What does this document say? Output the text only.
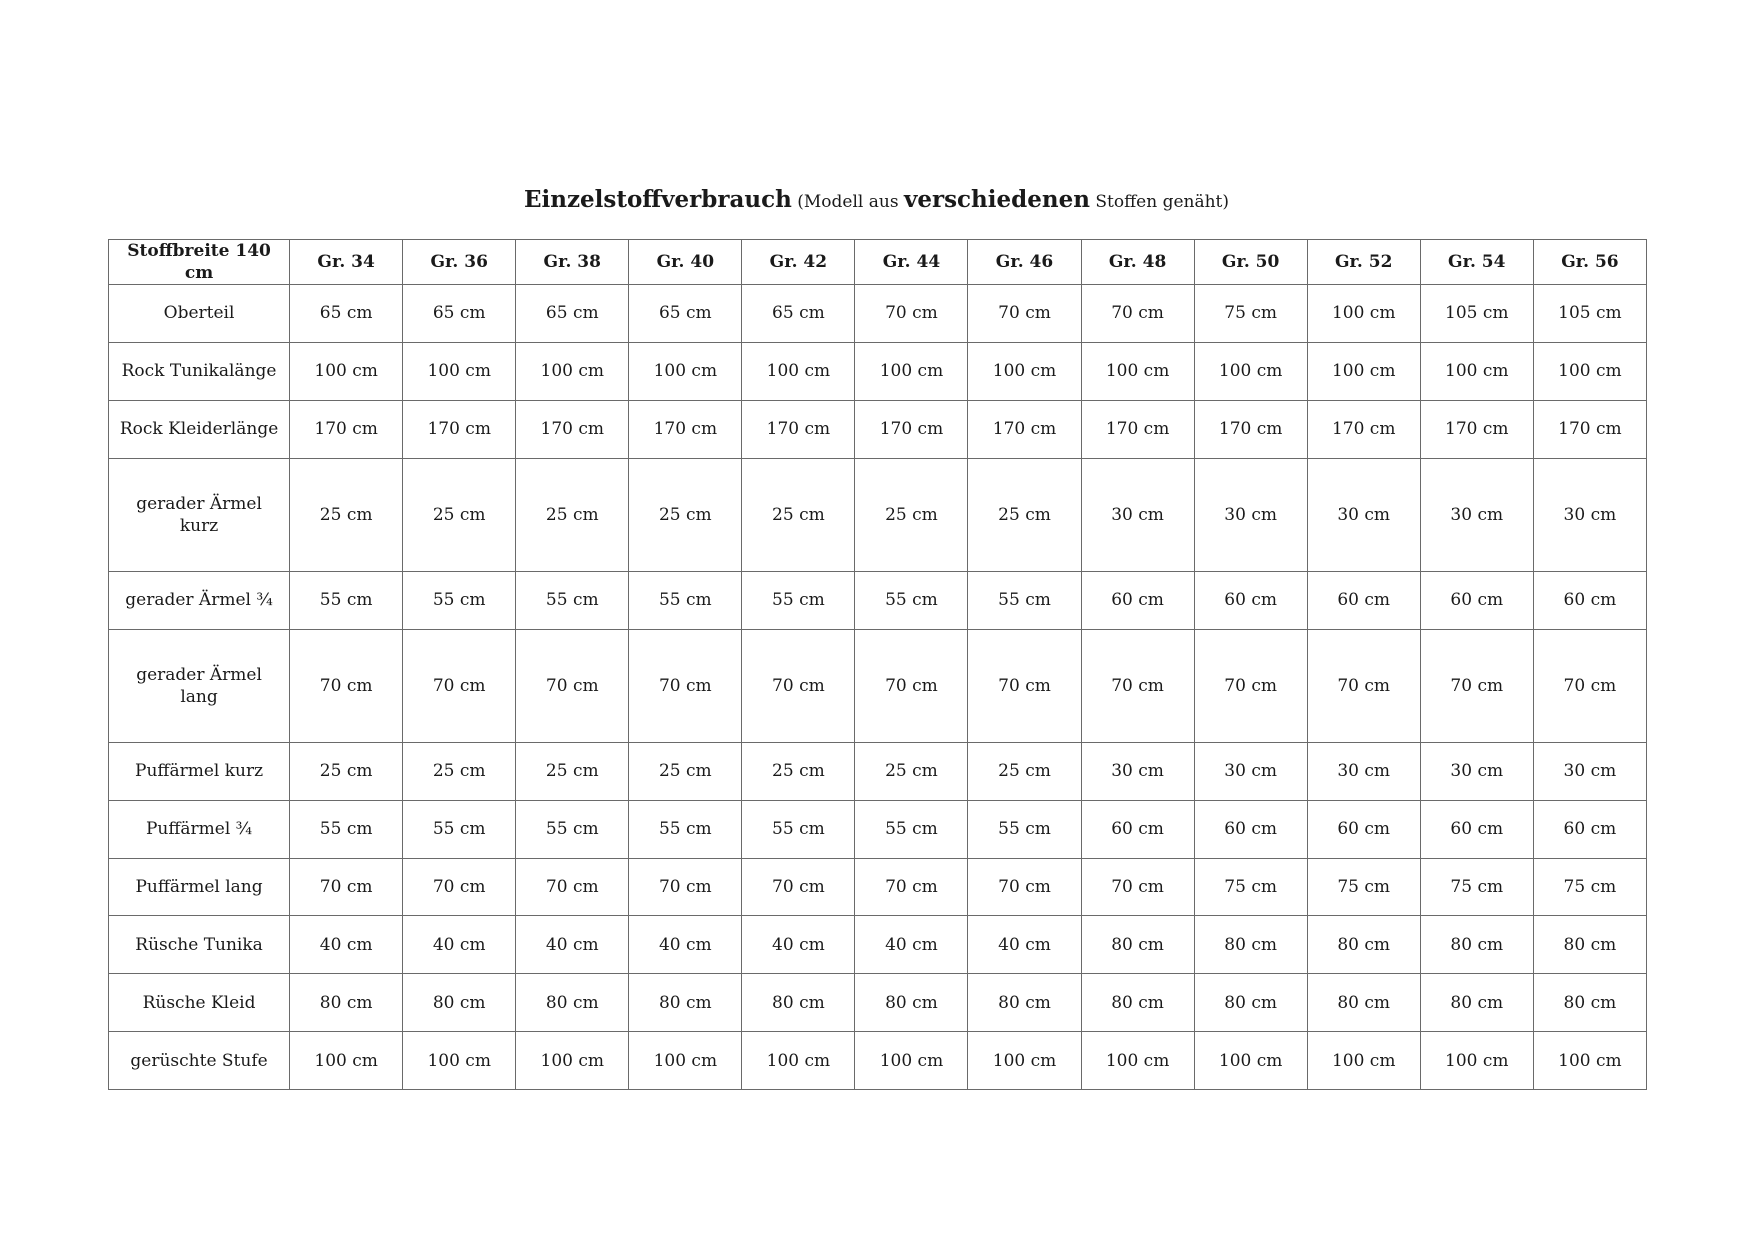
Einzelstoffverbrauch (Modell aus verschiedenen Stoffen genäht)
Stoffbreite 140 cm	Gr. 34	Gr. 36	Gr. 38	Gr. 40	Gr. 42	Gr. 44	Gr. 46	Gr. 48	Gr. 50	Gr. 52	Gr. 54	Gr. 56
Oberteil	65 cm	65 cm	65 cm	65 cm	65 cm	70 cm	70 cm	70 cm	75 cm	100 cm	105 cm	105 cm
Rock Tunikalänge	100 cm	100 cm	100 cm	100 cm	100 cm	100 cm	100 cm	100 cm	100 cm	100 cm	100 cm	100 cm
Rock Kleiderlänge	170 cm	170 cm	170 cm	170 cm	170 cm	170 cm	170 cm	170 cm	170 cm	170 cm	170 cm	170 cm
gerader Ärmel kurz	25 cm	25 cm	25 cm	25 cm	25 cm	25 cm	25 cm	30 cm	30 cm	30 cm	30 cm	30 cm
gerader Ärmel ¾	55 cm	55 cm	55 cm	55 cm	55 cm	55 cm	55 cm	60 cm	60 cm	60 cm	60 cm	60 cm
gerader Ärmel lang	70 cm	70 cm	70 cm	70 cm	70 cm	70 cm	70 cm	70 cm	70 cm	70 cm	70 cm	70 cm
Puffärmel kurz	25 cm	25 cm	25 cm	25 cm	25 cm	25 cm	25 cm	30 cm	30 cm	30 cm	30 cm	30 cm
Puffärmel ¾	55 cm	55 cm	55 cm	55 cm	55 cm	55 cm	55 cm	60 cm	60 cm	60 cm	60 cm	60 cm
Puffärmel lang	70 cm	70 cm	70 cm	70 cm	70 cm	70 cm	70 cm	70 cm	75 cm	75 cm	75 cm	75 cm
Rüsche Tunika	40 cm	40 cm	40 cm	40 cm	40 cm	40 cm	40 cm	80 cm	80 cm	80 cm	80 cm	80 cm
Rüsche Kleid	80 cm	80 cm	80 cm	80 cm	80 cm	80 cm	80 cm	80 cm	80 cm	80 cm	80 cm	80 cm
gerüschte Stufe	100 cm	100 cm	100 cm	100 cm	100 cm	100 cm	100 cm	100 cm	100 cm	100 cm	100 cm	100 cm
